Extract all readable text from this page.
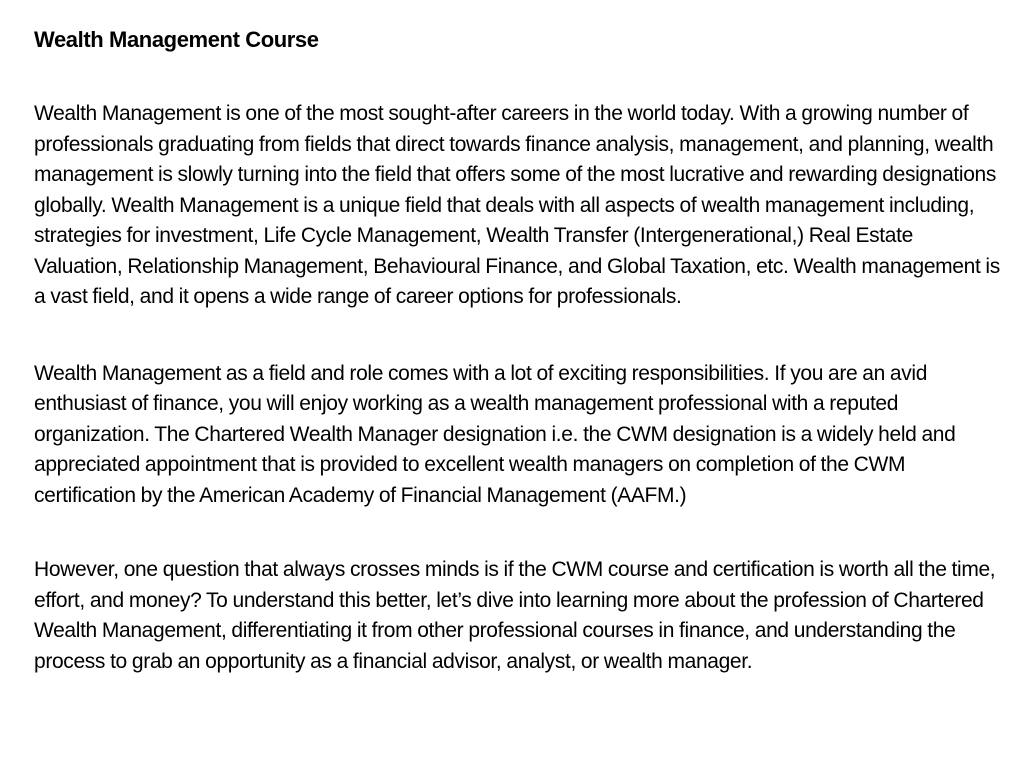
Wealth Management Course

Wealth Management is one of the most sought-after careers in the world today. With a growing number of professionals graduating from fields that direct towards finance analysis, management, and planning, wealth management is slowly turning into the field that offers some of the most lucrative and rewarding designations globally. Wealth Management is a unique field that deals with all aspects of wealth management including, strategies for investment, Life Cycle Management, Wealth Transfer (Intergenerational,) Real Estate Valuation, Relationship Management, Behavioural Finance, and Global Taxation, etc. Wealth management is a vast field, and it opens a wide range of career options for professionals.

Wealth Management as a field and role comes with a lot of exciting responsibilities. If you are an avid enthusiast of finance, you will enjoy working as a wealth management professional with a reputed organization. The Chartered Wealth Manager designation i.e. the CWM designation is a widely held and appreciated appointment that is provided to excellent wealth managers on completion of the CWM certification by the American Academy of Financial Management (AAFM.)

However, one question that always crosses minds is if the CWM course and certification is worth all the time, effort, and money? To understand this better, let’s dive into learning more about the profession of Chartered Wealth Management, differentiating it from other professional courses in finance, and understanding the process to grab an opportunity as a financial advisor, analyst, or wealth manager.
